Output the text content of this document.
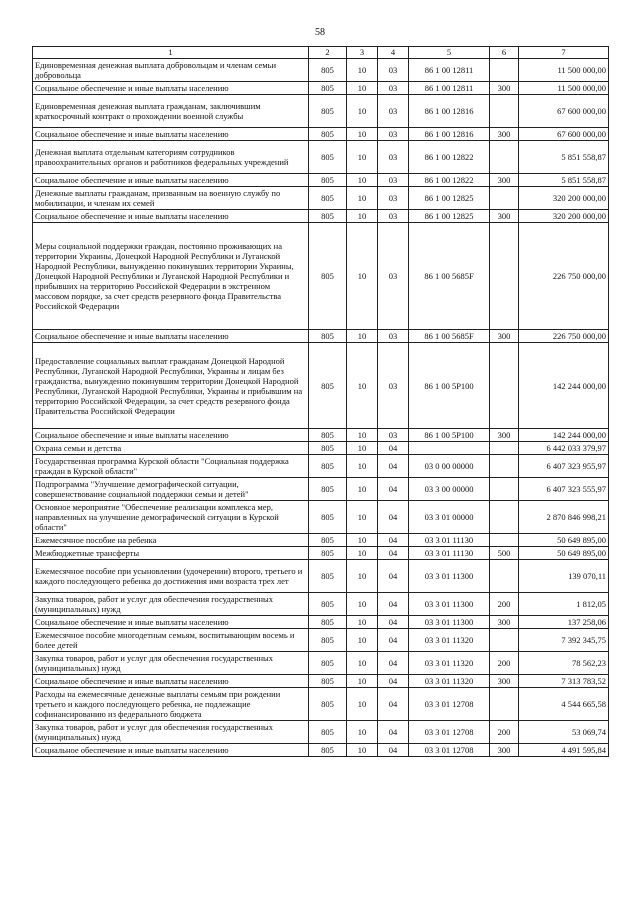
58
1	2	3	4	5	6	7
Единовременная денежная выплата добровольцам и членам семьи добровольца	805	10	03	86 1 00 12811		11 500 000,00
Социальное обеспечение и иные выплаты населению	805	10	03	86 1 00 12811	300	11 500 000,00
Единовременная денежная выплата гражданам, заключившим краткосрочный контракт о прохождении военной службы	805	10	03	86 1 00 12816		67 600 000,00
Социальное обеспечение и иные выплаты населению	805	10	03	86 1 00 12816	300	67 600 000,00
Денежная выплата отдельным категориям сотрудников правоохранительных органов и работников федеральных учреждений	805	10	03	86 1 00 12822		5 851 558,87
Социальное обеспечение и иные выплаты населению	805	10	03	86 1 00 12822	300	5 851 558,87
Денежные выплаты гражданам, призванным на военную службу по мобилизации, и членам их семей	805	10	03	86 1 00 12825		320 200 000,00
Социальное обеспечение и иные выплаты населению	805	10	03	86 1 00 12825	300	320 200 000,00
Меры социальной поддержки граждан, постоянно проживающих на территории Украины, Донецкой Народной Республики и Луганской Народной Республики, вынужденно покинувших территории Украины, Донецкой Народной Республики и Луганской Народной Республики и прибывших на территорию Российской Федерации в экстренном массовом порядке, за счет средств резервного фонда Правительства Российской Федерации	805	10	03	86 1 00 5685F		226 750 000,00
Социальное обеспечение и иные выплаты населению	805	10	03	86 1 00 5685F	300	226 750 000,00
Предоставление социальных выплат гражданам Донецкой Народной Республики, Луганской Народной Республики, Украины и лицам без гражданства, вынужденно покинувшим территории Донецкой Народной Республики, Луганской Народной Республики, Украины и прибывшим на территорию Российской Федерации, за счет средств резервного фонда Правительства Российской Федерации	805	10	03	86 1 00 5Р100		142 244 000,00
Социальное обеспечение и иные выплаты населению	805	10	03	86 1 00 5Р100	300	142 244 000,00
Охрана семьи и детства	805	10	04			6 442 033 379,97
Государственная программа Курской области "Социальная поддержка граждан в Курской области"	805	10	04	03 0 00 00000		6 407 323 955,97
Подпрограмма "Улучшение демографической ситуации, совершенствование социальной поддержки семьи и детей"	805	10	04	03 3 00 00000		6 407 323 555,97
Основное мероприятие "Обеспечение реализации комплекса мер, направленных на улучшение демографической ситуации в Курской области"	805	10	04	03 3 01 00000		2 870 846 998,21
Ежемесячное пособие на ребенка	805	10	04	03 3 01 11130		50 649 895,00
Межбюджетные трансферты	805	10	04	03 3 01 11130	500	50 649 895,00
Ежемесячное пособие при усыновлении (удочерении) второго, третьего и каждого последующего ребенка до достижения ими возраста трех лет	805	10	04	03 3 01 11300		139 070,11
Закупка товаров, работ и услуг для обеспечения государственных (муниципальных) нужд	805	10	04	03 3 01 11300	200	1 812,05
Социальное обеспечение и иные выплаты населению	805	10	04	03 3 01 11300	300	137 258,06
Ежемесячное пособие многодетным семьям, воспитывающим восемь и более детей	805	10	04	03 3 01 11320		7 392 345,75
Закупка товаров, работ и услуг для обеспечения государственных (муниципальных) нужд	805	10	04	03 3 01 11320	200	78 562,23
Социальное обеспечение и иные выплаты населению	805	10	04	03 3 01 11320	300	7 313 783,52
Расходы на ежемесячные денежные выплаты семьям при рождении третьего и каждого последующего ребенка, не подлежащие софинансированию из федерального бюджета	805	10	04	03 3 01 12708		4 544 665,58
Закупка товаров, работ и услуг для обеспечения государственных (муниципальных) нужд	805	10	04	03 3 01 12708	200	53 069,74
Социальное обеспечение и иные выплаты населению	805	10	04	03 3 01 12708	300	4 491 595,84
